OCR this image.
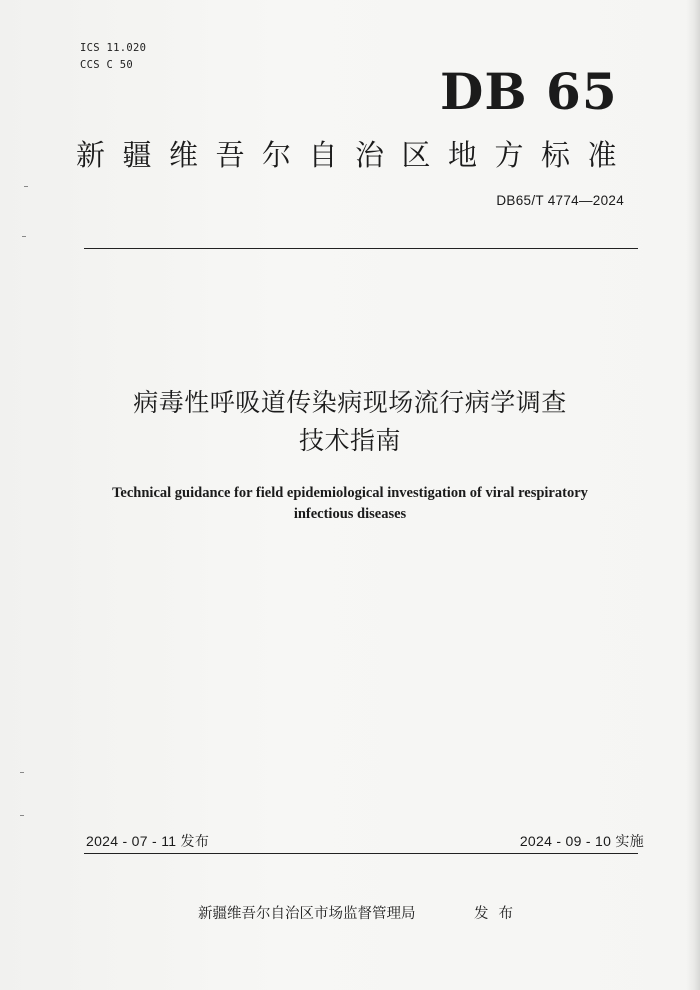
ICS 11.020
CCS C 50	DB 65
新疆维吾尔自治区地方标准
DB65/T 4774—2024
病毒性呼吸道传染病现场流行病学调查
技术指南
Technical guidance for field epidemiological investigation of viral respiratory
infectious diseases
2024 - 07 - 11 发布	2024 - 09 - 10 实施
新疆维吾尔自治区市场监督管理局	发布
